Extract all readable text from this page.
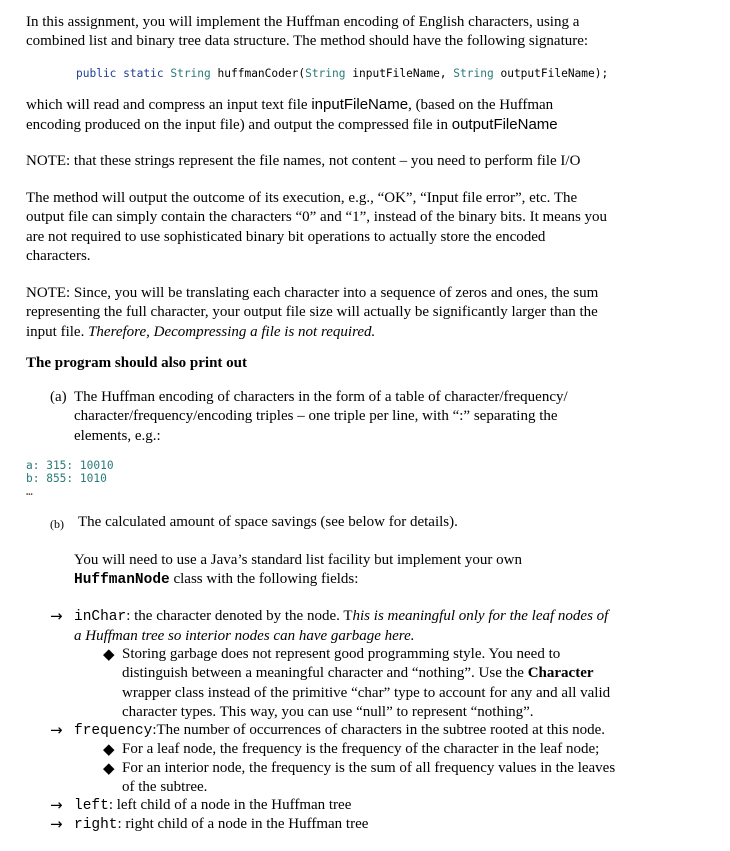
In this assignment, you will implement the Huffman encoding of English characters, using a
combined list and binary tree data structure. The method should have the following signature:

public static String huffmanCoder(String inputFileName, String outputFileName);

which will read and compress an input text file inputFileName, (based on the Huffman
encoding produced on the input file) and output the compressed file in outputFileName

NOTE: that these strings represent the file names, not content – you need to perform file I/O

The method will output the outcome of its execution, e.g., “OK”, “Input file error”, etc. The
output file can simply contain the characters “0” and “1”, instead of the binary bits. It means you
are not required to use sophisticated binary bit operations to actually store the encoded
characters.

NOTE: Since, you will be translating each character into a sequence of zeros and ones, the sum
representing the full character, your output file size will actually be significantly larger than the
input file. Therefore, Decompressing a file is not required.

The program should also print out

(a) The Huffman encoding of characters in the form of a table of character/frequency/
character/frequency/encoding triples – one triple per line, with “:” separating the
elements, e.g.:

a: 315: 10010
b: 855: 1010
…

(b) The calculated amount of space savings (see below for details).

You will need to use a Java’s standard list facility but implement your own
HuffmanNode class with the following fields:

→ inChar: the character denoted by the node. This is meaningful only for the leaf nodes of
a Huffman tree so interior nodes can have garbage here.

◆ Storing garbage does not represent good programming style. You need to
distinguish between a meaningful character and “nothing”. Use the Character
wrapper class instead of the primitive “char” type to account for any and all valid
character types. This way, you can use “null” to represent “nothing”.

→ frequency:The number of occurrences of characters in the subtree rooted at this node.

◆ For a leaf node, the frequency is the frequency of the character in the leaf node;

◆ For an interior node, the frequency is the sum of all frequency values in the leaves
of the subtree.

→ left: left child of a node in the Huffman tree

→ right: right child of a node in the Huffman tree
